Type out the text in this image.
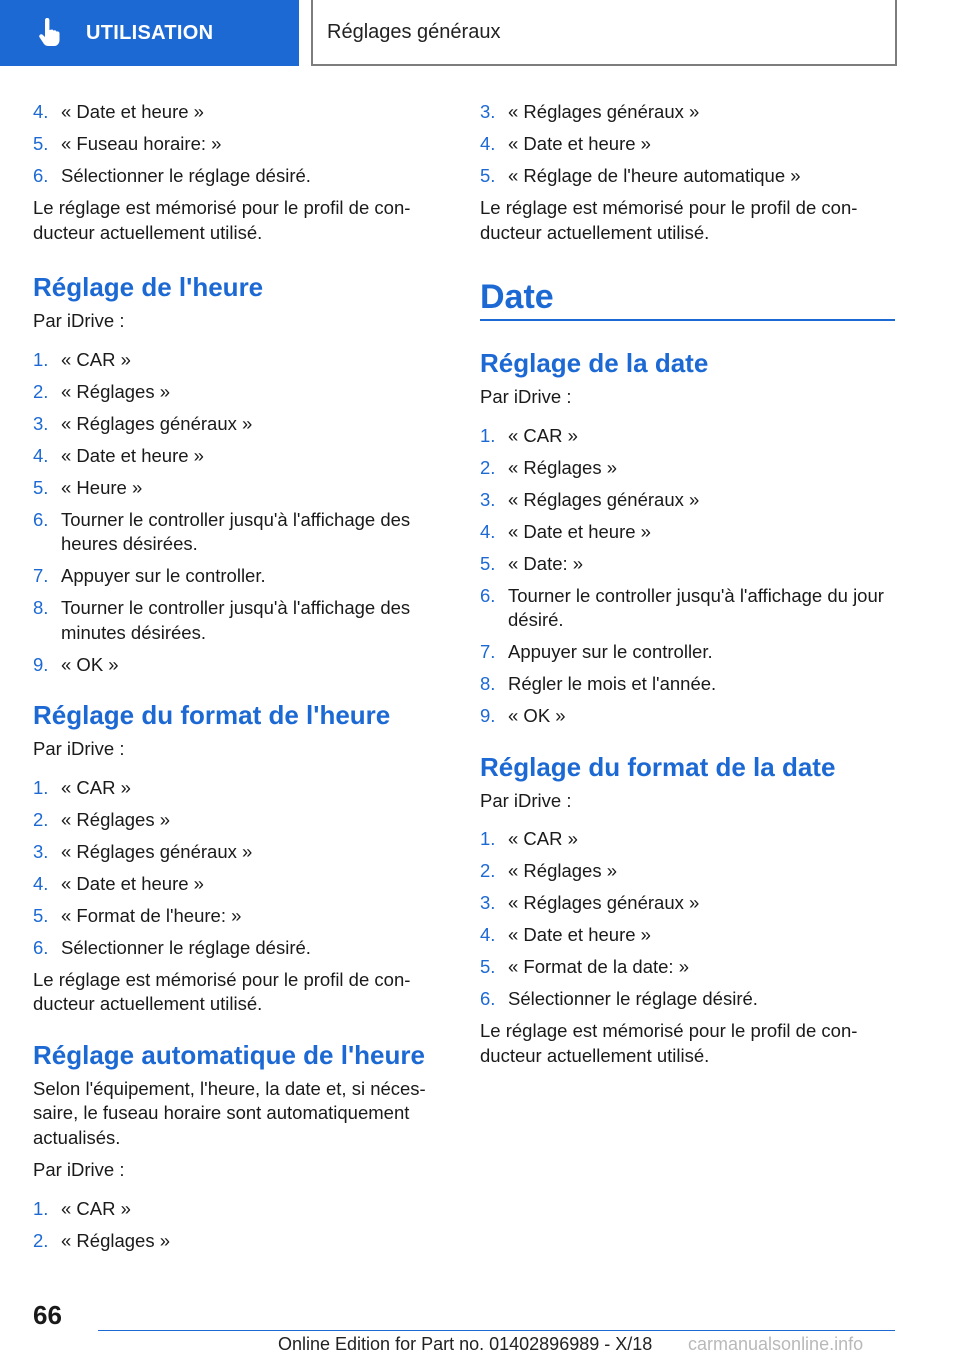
UTILISATION	Réglages généraux
4. « Date et heure »
5. « Fuseau horaire: »
6. Sélectionner le réglage désiré.

Le réglage est mémorisé pour le profil de con-ducteur actuellement utilisé.

Réglage de l'heure

Par iDrive :

1. « CAR »
2. « Réglages »
3. « Réglages généraux »
4. « Date et heure »
5. « Heure »
6. Tourner le controller jusqu'à l'affichage des heures désirées.
7. Appuyer sur le controller.
8. Tourner le controller jusqu'à l'affichage des minutes désirées.
9. « OK »
Réglage du format de l'heure

Par iDrive :

1. « CAR »
2. « Réglages »
3. « Réglages généraux »
4. « Date et heure »
5. « Format de l'heure: »
6. Sélectionner le réglage désiré.

Le réglage est mémorisé pour le profil de con-ducteur actuellement utilisé.

Réglage automatique de l'heure

Selon l'équipement, l'heure, la date et, si néces-saire, le fuseau horaire sont automatiquement actualisés.

Par iDrive :

1. « CAR »
2. « Réglages »
3. « Réglages généraux »
4. « Date et heure »
5. « Réglage de l'heure automatique »

Le réglage est mémorisé pour le profil de con-ducteur actuellement utilisé.

Date
Réglage de la date

Par iDrive :

1. « CAR »
2. « Réglages »
3. « Réglages généraux »
4. « Date et heure »
5. « Date: »
6. Tourner le controller jusqu'à l'affichage du jour désiré.
7. Appuyer sur le controller.
8. Régler le mois et l'année.
9. « OK »
Réglage du format de la date

Par iDrive :

1. « CAR »
2. « Réglages »
3. « Réglages généraux »
4. « Date et heure »
5. « Format de la date: »
6. Sélectionner le réglage désiré.

Le réglage est mémorisé pour le profil de con-ducteur actuellement utilisé.

66
Online Edition for Part no. 01402896989 - X/18 carmanualsonline.info
